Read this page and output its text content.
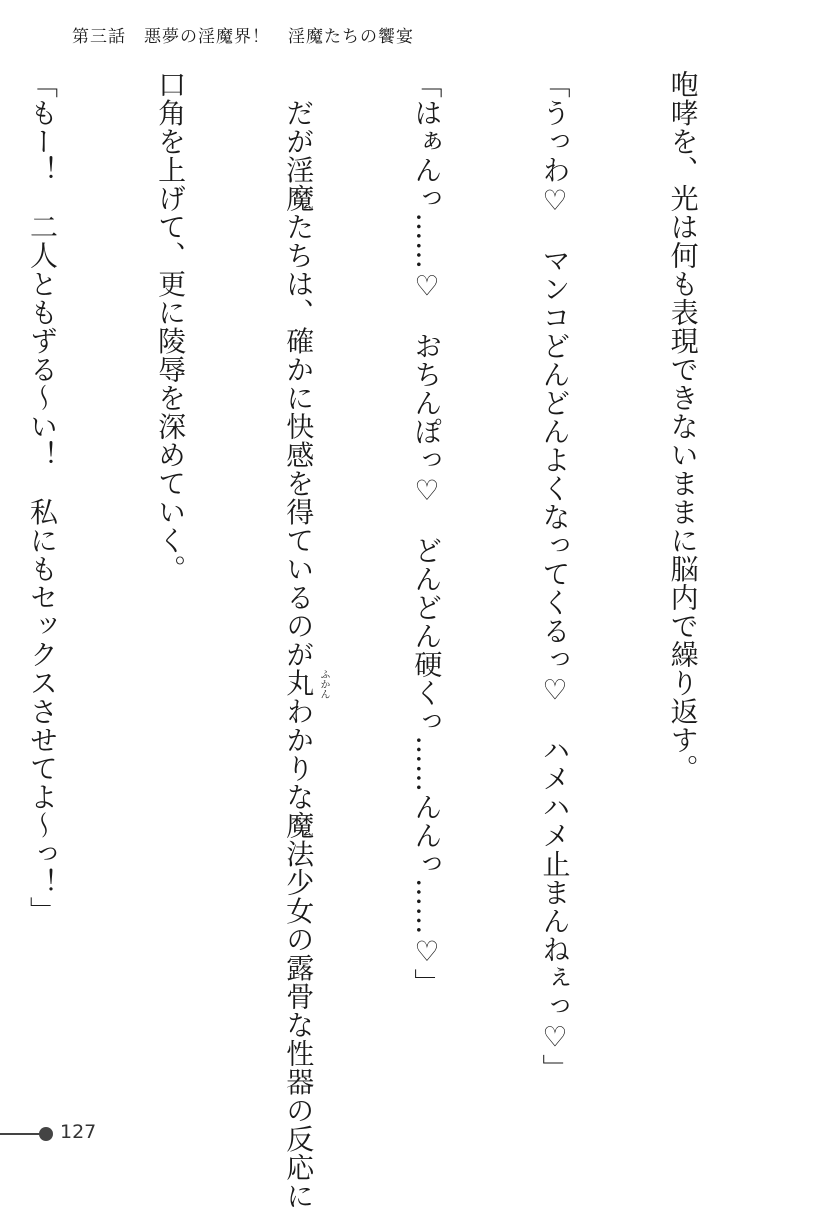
第三話　悪夢の淫魔界！　淫魔たちの饗宴

咆哮を、光は何も表現できないままに脳内で繰り返す。

「うっわ♡　マンコどんどんよくなってくるっ♡　ハメハメ止まんねぇっ♡」

「はぁんっ……♡　おちんぽっ♡　どんどん硬くっ……んんっ……♡」

　だが淫魔たちは、確かに快感を得ているのが丸わかりな魔法少女の露骨な性器の反応に

口角を上げて、更に陵辱を深めていく。

「もー！　二人ともずる～い！　私にもセックスさせてよ～っ！」

	ふかん
127
